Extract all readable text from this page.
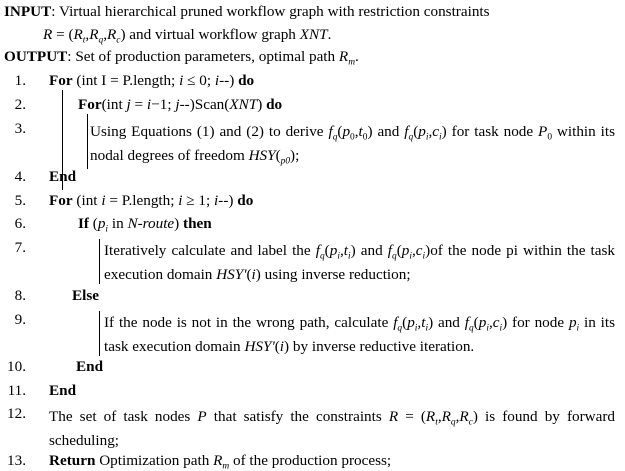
INPUT: Virtual hierarchical pruned workflow graph with restriction constraints
$R = (R_t,R_q,R_c)$ and virtual workflow graph XNT.
OUTPUT: Set of production parameters, optimal path $R_m$.
1. For (int I = P.length; i ≤ 0; i--) do
2.	For(int j = i−1; j--)Scan(XNT) do
3.	Using Equations (1) and (2) to derive $f_q(p_0,t_0)$ and $f_q(p_i,c_i)$ for task node $P_0$ within its nodal degrees of freedom $HSY(_{p0})$;
4. End
5. For (int i = P.length; i ≥ 1; i--) do
6.	If ($p_i$ in N-route) then
7.	Iteratively calculate and label the $f_q(p_i,t_i)$ and $f_q(p_i,c_i)of$ the node pi within the task execution domain HSY'(i) using inverse reduction;
8.	Else
9.	If the node is not in the wrong path, calculate $f_q(p_i,t_i)$ and $f_q(p_i,c_i)$ for node $p_i$ in its task execution domain HSY'(i) by inverse reductive iteration.
10.	End
11. End
12. The set of task nodes P that satisfy the constraints $R = (R_t,R_q,R_c)$ is found by forward scheduling;
13. Return Optimization path $R_m$ of the production process;
